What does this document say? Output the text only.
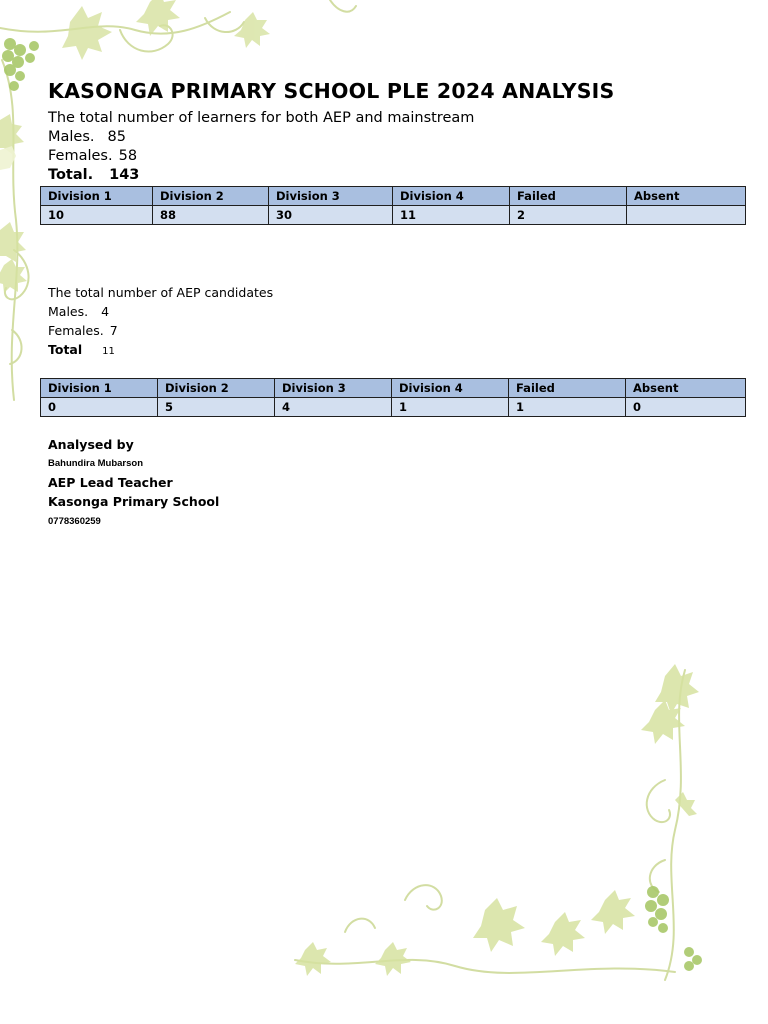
KASONGA PRIMARY SCHOOL PLE 2024 ANALYSIS

The total number of learners for both AEP and mainstream

Males. 85

Females. 58

Total. 143

Division 1	Division 2	Division 3	Division 4	Failed	Absent
10	88	30	11	2	

The total number of AEP candidates

Males. 4

Females. 7

Total 11

Division 1	Division 2	Division 3	Division 4	Failed	Absent
0	5	4	1	1	0

Analysed by

Bahundira Mubarson

AEP Lead Teacher

Kasonga Primary School

0778360259
